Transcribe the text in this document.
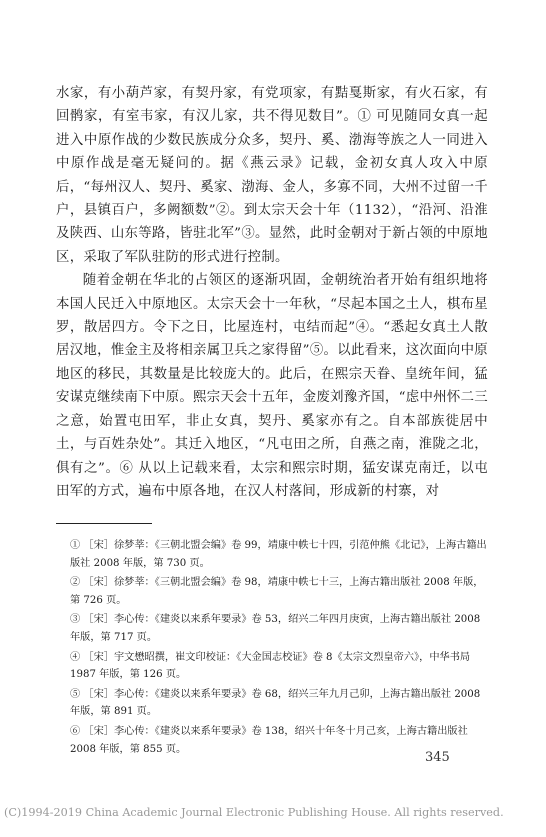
水家，有小葫芦家，有契丹家，有党项家，有黠戛斯家，有火石家，有回鹘家，有室韦家，有汉儿家，共不得见数目”。① 可见随同女真一起进入中原作战的少数民族成分众多，契丹、奚、渤海等族之人一同进入中原作战是毫无疑问的。据《燕云录》记载，金初女真人攻入中原后，“每州汉人、契丹、奚家、渤海、金人，多寡不同，大州不过留一千户，县镇百户，多阙额数”②。到太宗天会十年（1132），“沿河、沿淮及陕西、山东等路，皆驻北军”③。显然，此时金朝对于新占领的中原地区，采取了军队驻防的形式进行控制。

随着金朝在华北的占领区的逐渐巩固，金朝统治者开始有组织地将本国人民迁入中原地区。太宗天会十一年秋，“尽起本国之土人，棋布星罗，散居四方。令下之日，比屋连村，屯结而起”④。“悉起女真土人散居汉地，惟金主及将相亲属卫兵之家得留”⑤。以此看来，这次面向中原地区的移民，其数量是比较庞大的。此后，在熙宗天眷、皇统年间，猛安谋克继续南下中原。熙宗天会十五年，金废刘豫齐国，“虑中州怀二三之意，始置屯田军，非止女真，契丹、奚家亦有之。自本部族徙居中土，与百姓杂处”。其迁入地区，“凡屯田之所，自燕之南，淮陇之北，俱有之”。⑥ 从以上记载来看，太宗和熙宗时期，猛安谋克南迁，以屯田军的方式，遍布中原各地，在汉人村落间，形成新的村寨，对

① ［宋］徐梦莘：《三朝北盟会编》卷 99，靖康中帙七十四，引范仲熊《北记》，上海古籍出版社 2008 年版，第 730 页。

② ［宋］徐梦莘：《三朝北盟会编》卷 98，靖康中帙七十三，上海古籍出版社 2008 年版，第 726 页。

③ ［宋］李心传：《建炎以来系年要录》卷 53，绍兴二年四月庚寅，上海古籍出版社 2008 年版，第 717 页。

④ ［宋］宇文懋昭撰，崔文印校证：《大金国志校证》卷 8《太宗文烈皇帝六》，中华书局 1987 年版，第 126 页。

⑤ ［宋］李心传：《建炎以来系年要录》卷 68，绍兴三年九月己卯，上海古籍出版社 2008 年版，第 891 页。

⑥ ［宋］李心传：《建炎以来系年要录》卷 138，绍兴十年冬十月己亥，上海古籍出版社 2008 年版，第 855 页。

345
(C)1994-2019 China Academic Journal Electronic Publishing House. All rights reserved.
